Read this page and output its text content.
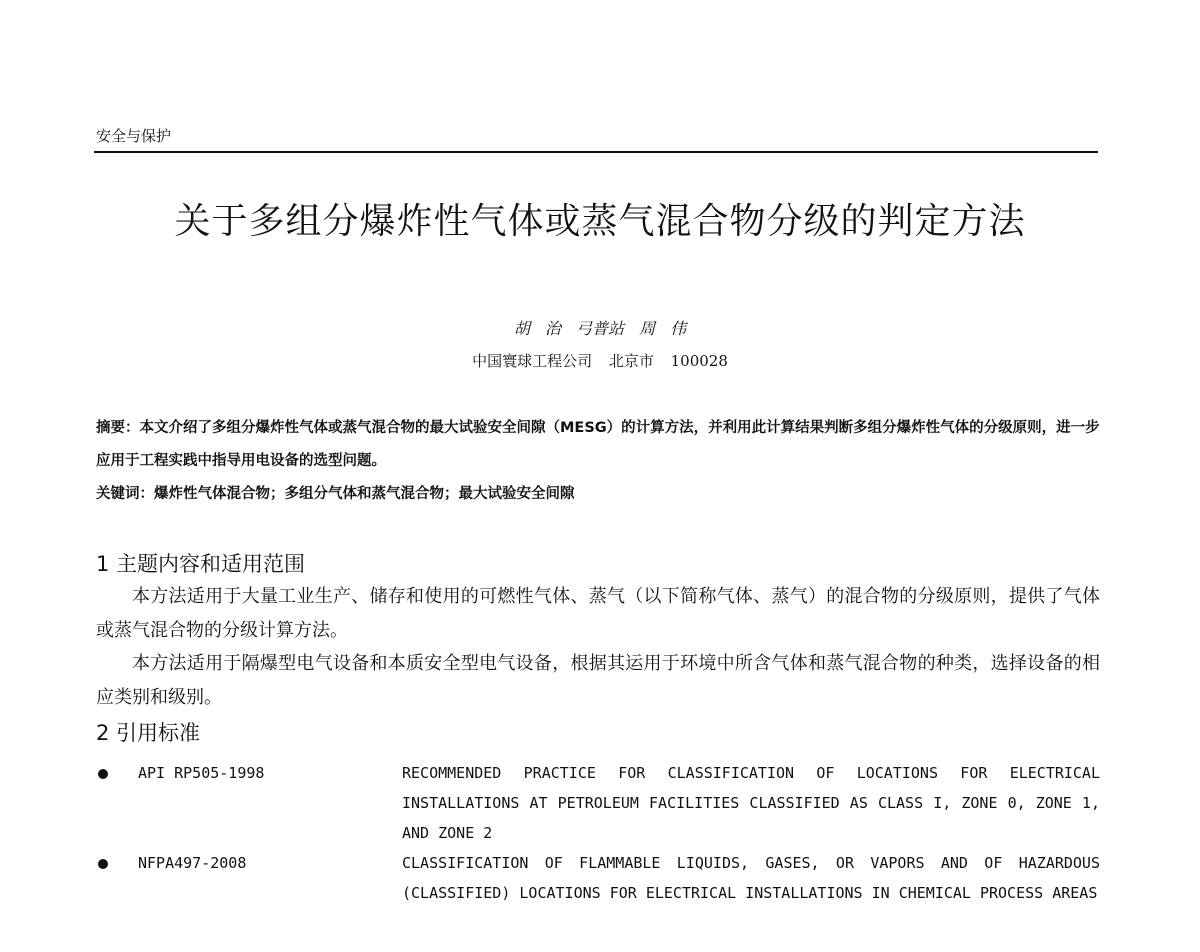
安全与保护
关于多组分爆炸性气体或蒸气混合物分级的判定方法
胡 治 弓普站 周 伟
中国寰球工程公司 北京市 100028

摘要：本文介绍了多组分爆炸性气体或蒸气混合物的最大试验安全间隙（MESG）的计算方法，并利用此计算结果判断多组分爆炸性气体的分级原则，进一步应用于工程实践中指导用电设备的选型问题。

关键词：爆炸性气体混合物；多组分气体和蒸气混合物；最大试验安全间隙

1 主题内容和适用范围

本方法适用于大量工业生产、储存和使用的可燃性气体、蒸气（以下简称气体、蒸气）的混合物的分级原则，提供了气体或蒸气混合物的分级计算方法。

本方法适用于隔爆型电气设备和本质安全型电气设备，根据其运用于环境中所含气体和蒸气混合物的种类，选择设备的相应类别和级别。

2 引用标准
API RP505-1998	RECOMMENDED PRACTICE FOR CLASSIFICATION OF LOCATIONS FOR ELECTRICAL INSTALLATIONS AT PETROLEUM FACILITIES CLASSIFIED AS CLASS I, ZONE 0, ZONE 1, AND ZONE 2
NFPA497-2008	CLASSIFICATION OF FLAMMABLE LIQUIDS, GASES, OR VAPORS AND OF HAZARDOUS (CLASSIFIED) LOCATIONS FOR ELECTRICAL INSTALLATIONS IN CHEMICAL PROCESS AREAS
